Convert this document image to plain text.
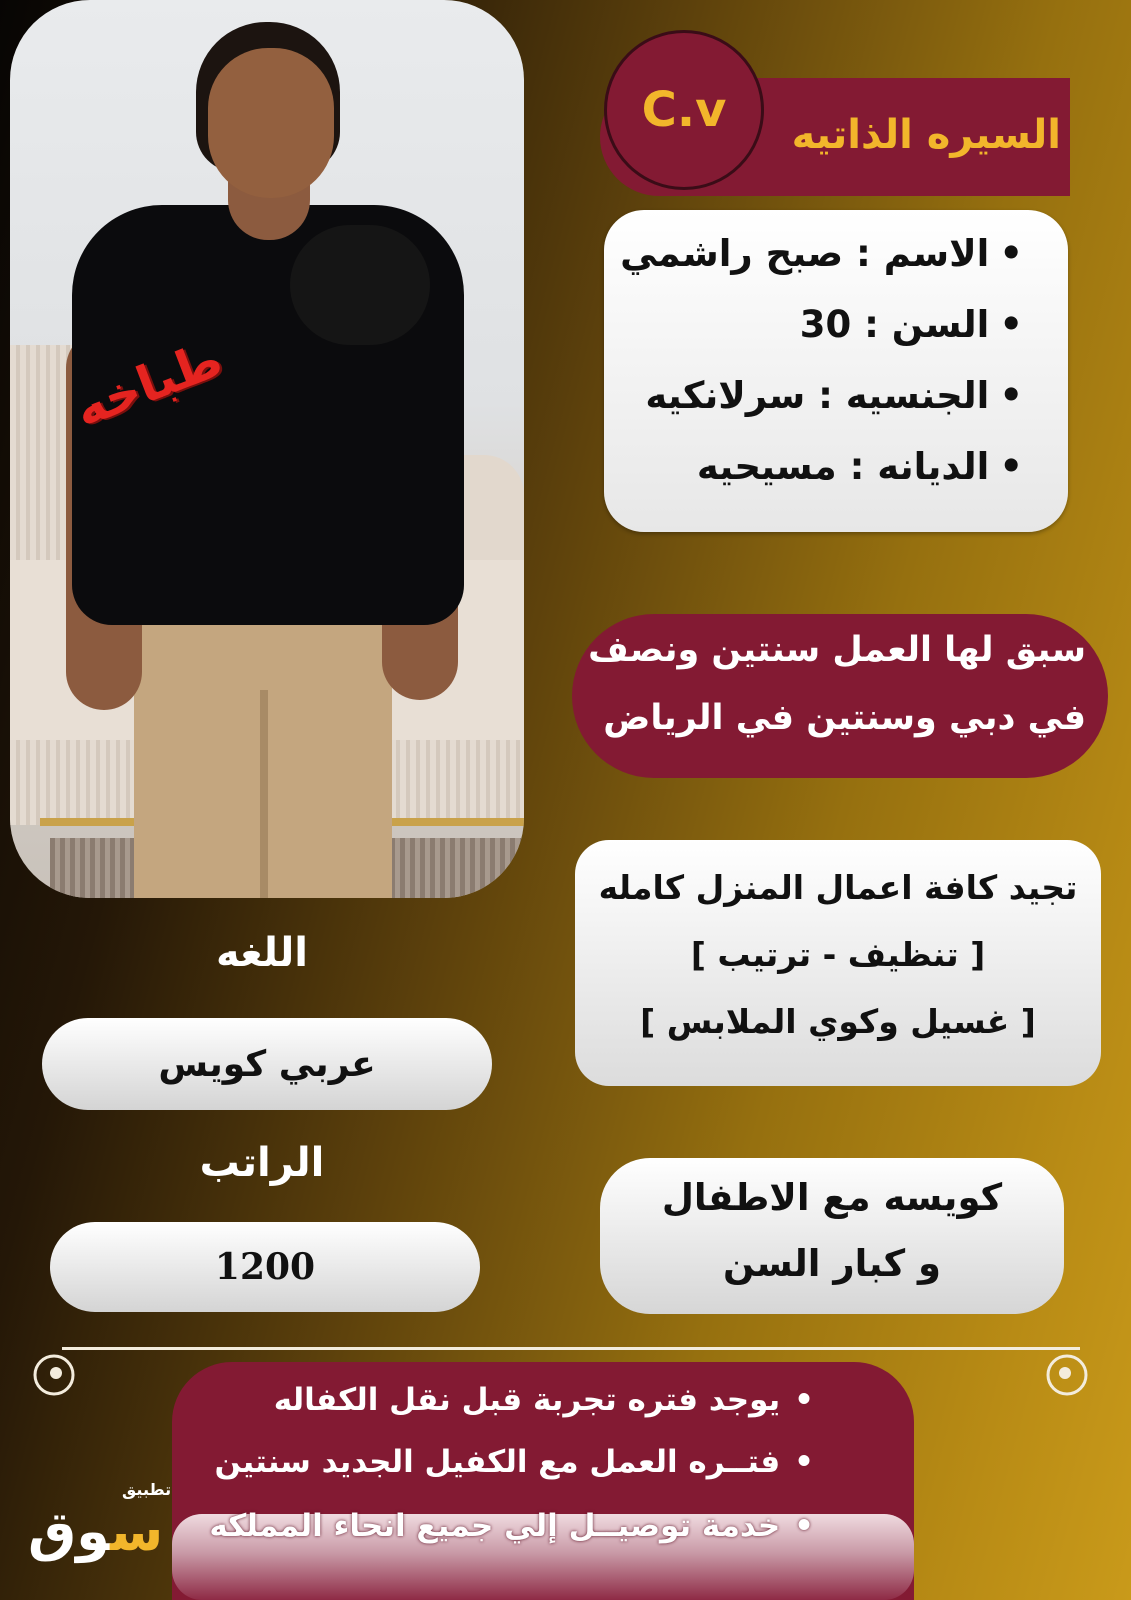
طباخه
السيره الذاتيه
C.v
•الاسم : صبح راشمي
•السن : 30
•الجنسيه : سرلانكيه
•الديانه : مسيحيه
سبق لها العمل سنتين ونصف
في دبي وسنتين في الرياض
تجيد كافة اعمال المنزل كامله
[ تنظيف - ترتيب ]
[ غسيل وكوي الملابس ]
كويسه مع الاطفال
و كبار السن
اللغه
عربي كويس
الراتب
1200
•يوجد فتره تجربة قبل نقل الكفاله
•فتــره العمل مع الكفيل الجديد سنتين
•خدمة توصيــل إلي جميع انحاء المملكه
تطبيق
سوق
